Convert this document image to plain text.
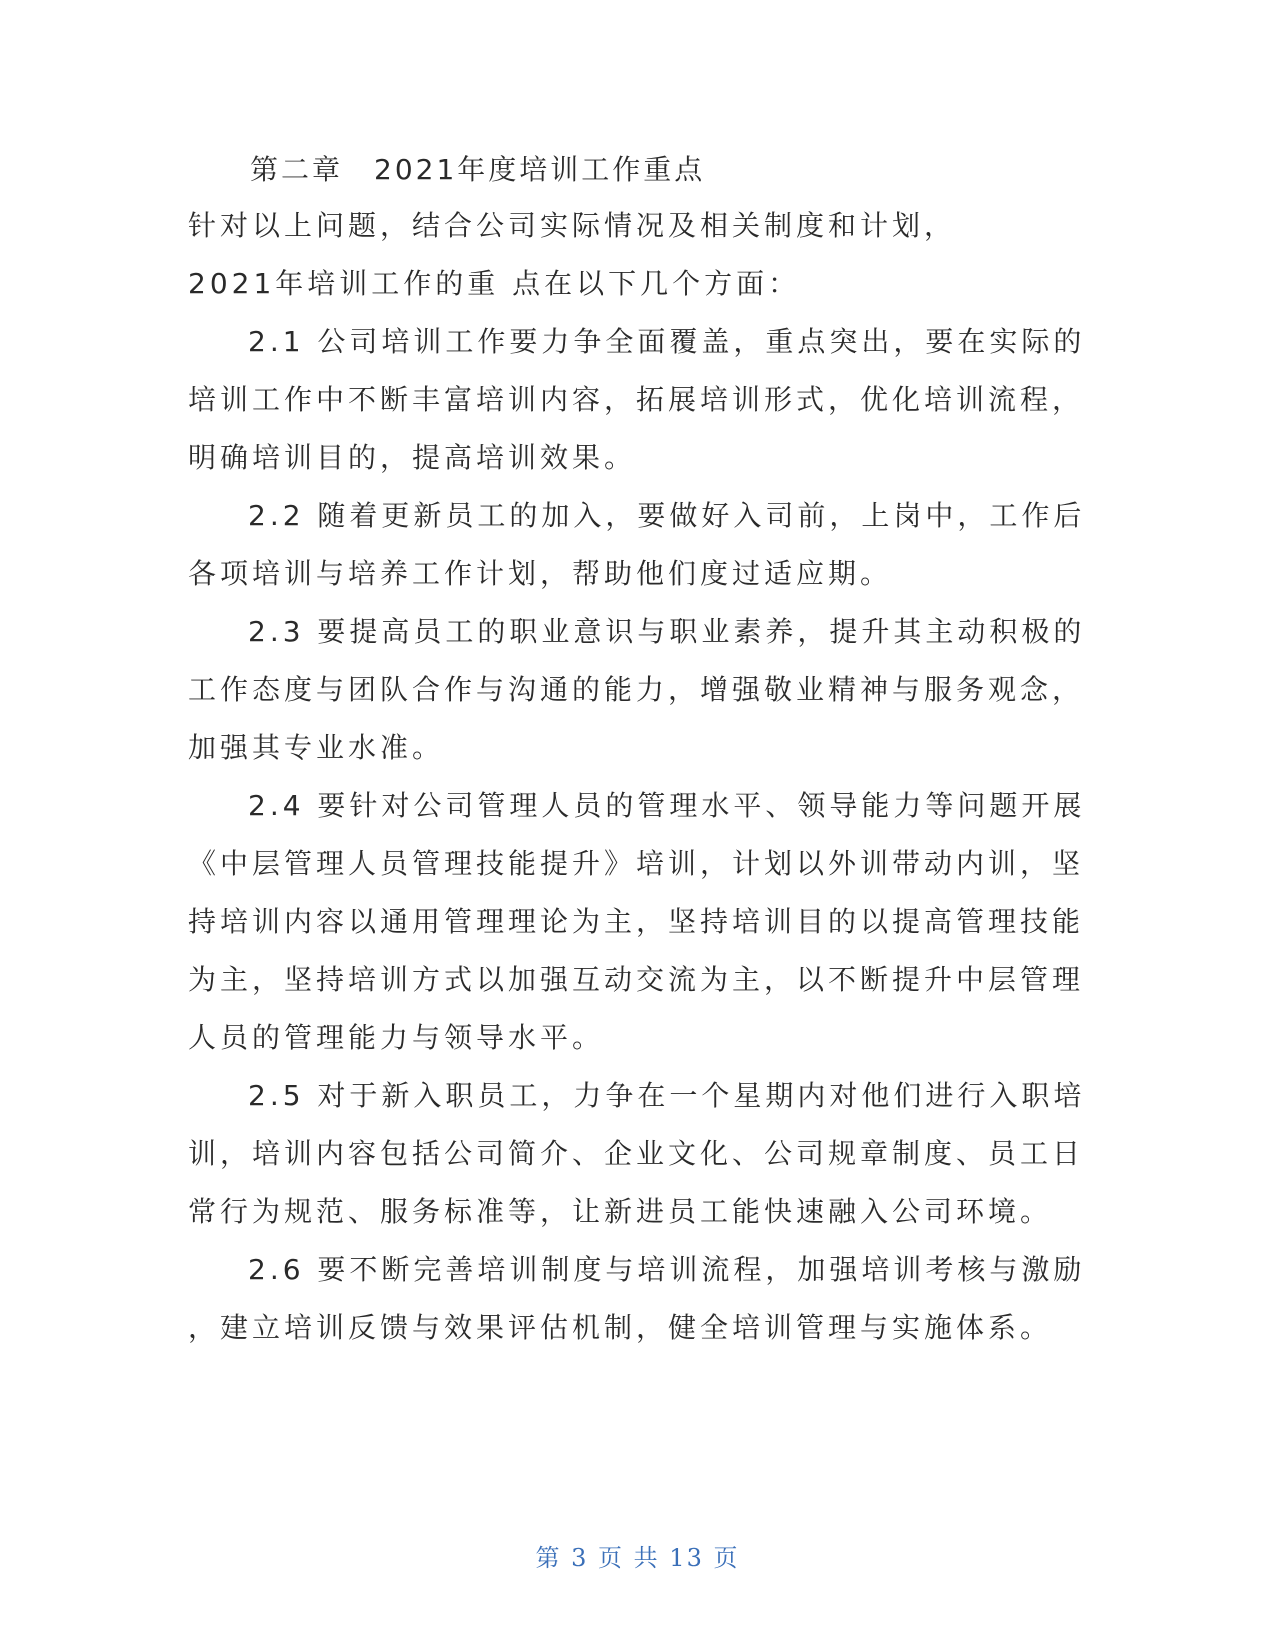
第二章　2021年度培训工作重点
针对以上问题，结合公司实际情况及相关制度和计划，
2021年培训工作的重 点在以下几个方面：
2.1 公司培训工作要力争全面覆盖，重点突出，要在实际的
培训工作中不断丰富培训内容，拓展培训形式，优化培训流程，
明确培训目的，提高培训效果。
2.2 随着更新员工的加入，要做好入司前，上岗中，工作后
各项培训与培养工作计划，帮助他们度过适应期。
2.3 要提高员工的职业意识与职业素养，提升其主动积极的
工作态度与团队合作与沟通的能力，增强敬业精神与服务观念，
加强其专业水准。
2.4 要针对公司管理人员的管理水平、领导能力等问题开展
《中层管理人员管理技能提升》培训，计划以外训带动内训，坚
持培训内容以通用管理理论为主，坚持培训目的以提高管理技能
为主，坚持培训方式以加强互动交流为主，以不断提升中层管理
人员的管理能力与领导水平。
2.5 对于新入职员工，力争在一个星期内对他们进行入职培
训，培训内容包括公司简介、企业文化、公司规章制度、员工日
常行为规范、服务标准等，让新进员工能快速融入公司环境。
2.6 要不断完善培训制度与培训流程，加强培训考核与激励
，建立培训反馈与效果评估机制，健全培训管理与实施体系。
第 3 页 共 13 页
